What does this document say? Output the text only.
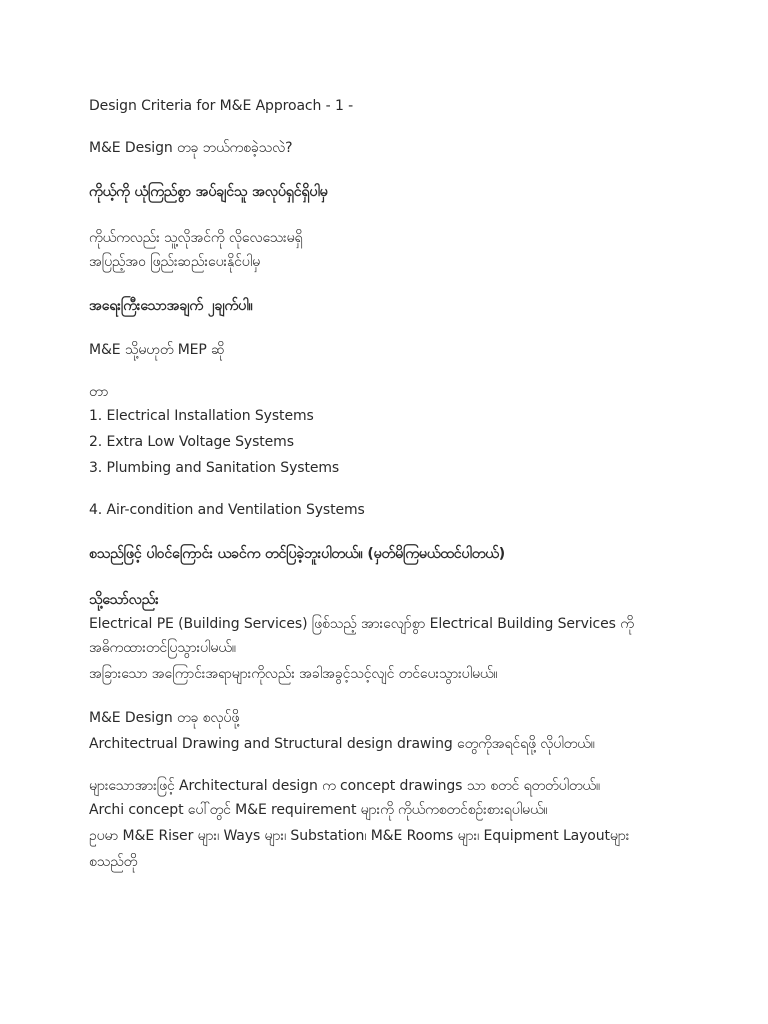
Design Criteria for M&E Approach - 1 -

M&E Design တခု ဘယ်ကစခဲ့သလဲ?

ကိုယ့်ကို ယုံကြည်စွာ အပ်ချင်သူ အလုပ်ရှင်ရှိပါမှ

ကိုယ်ကလည်း သူ့လိုအင်ကို လိုလေသေးမရှိ

အပြည့်အ၀ ဖြည်းဆည်းပေးနိုင်ပါမှ

အရေးကြီးသောအချက် ၂ချက်ပါ။

M&E သို့မဟုတ် MEP ဆို

တာ

1. Electrical Installation Systems

2. Extra Low Voltage Systems

3. Plumbing and Sanitation Systems

4. Air-condition and Ventilation Systems

စသည်ဖြင့် ပါ၀င်ကြောင်း ယခင်က တင်ပြခဲ့ဘူးပါတယ်။ (မှတ်မိကြမယ်ထင်ပါတယ်)

သို့သော်လည်း

Electrical PE (Building Services) ဖြစ်သည့် အားလျော်စွာ Electrical Building Services ကို

အဓိကထားတင်ပြသွားပါမယ်။

အခြားသော အကြောင်းအရာများကိုလည်း အခါအခွင့်သင့်လျင် တင်ပေးသွားပါမယ်။

M&E Design တခု စလုပ်ဖို့

Architectrual Drawing and Structural design drawing တွေကိုအရင်ရဖို့ လိုပါတယ်။

များသောအားဖြင့် Architectural design က concept drawings သာ စတင် ရတတ်ပါတယ်။

Archi concept ပေါ်တွင် M&E requirement များကို ကိုယ်ကစတင်စဉ်းစားရပါမယ်။

ဥပမာ M&E Riser များ၊ Ways များ၊ Substation၊ M&E Rooms များ၊ Equipment Layoutများ

စသည်တို
